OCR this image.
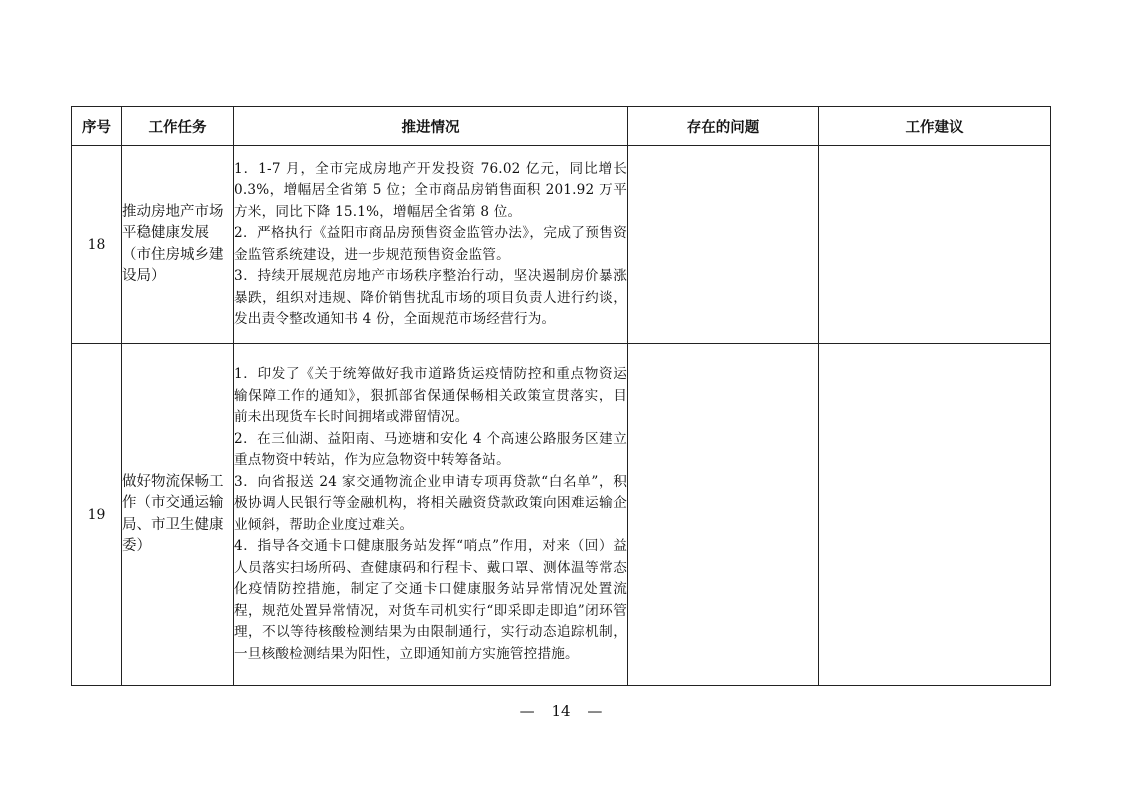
序号	工作任务	推进情况	存在的问题	工作建议
18	推动房地产市场平稳健康发展（市住房城乡建设局）	1．1-7 月，全市完成房地产开发投资 76.02 亿元，同比增长 0.3%，增幅居全省第 5 位；全市商品房销售面积 201.92 万平方米，同比下降 15.1%，增幅居全省第 8 位。

2．严格执行《益阳市商品房预售资金监管办法》，完成了预售资金监管系统建设，进一步规范预售资金监管。

3．持续开展规范房地产市场秩序整治行动，坚决遏制房价暴涨暴跌，组织对违规、降价销售扰乱市场的项目负责人进行约谈，发出责令整改通知书 4 份，全面规范市场经营行为。		

19	做好物流保畅工作（市交通运输局、市卫生健康委）	1．印发了《关于统筹做好我市道路货运疫情防控和重点物资运输保障工作的通知》，狠抓部省保通保畅相关政策宣贯落实，目前未出现货车长时间拥堵或滞留情况。

2．在三仙湖、益阳南、马迹塘和安化 4 个高速公路服务区建立重点物资中转站，作为应急物资中转筹备站。

3．向省报送 24 家交通物流企业申请专项再贷款“白名单”，积极协调人民银行等金融机构，将相关融资贷款政策向困难运输企业倾斜，帮助企业度过难关。

4．指导各交通卡口健康服务站发挥“哨点”作用，对来（回）益人员落实扫场所码、查健康码和行程卡、戴口罩、测体温等常态化疫情防控措施，制定了交通卡口健康服务站异常情况处置流程，规范处置异常情况，对货车司机实行“即采即走即追”闭环管理，不以等待核酸检测结果为由限制通行，实行动态追踪机制，一旦核酸检测结果为阳性，立即通知前方实施管控措施。		

— 14 —
